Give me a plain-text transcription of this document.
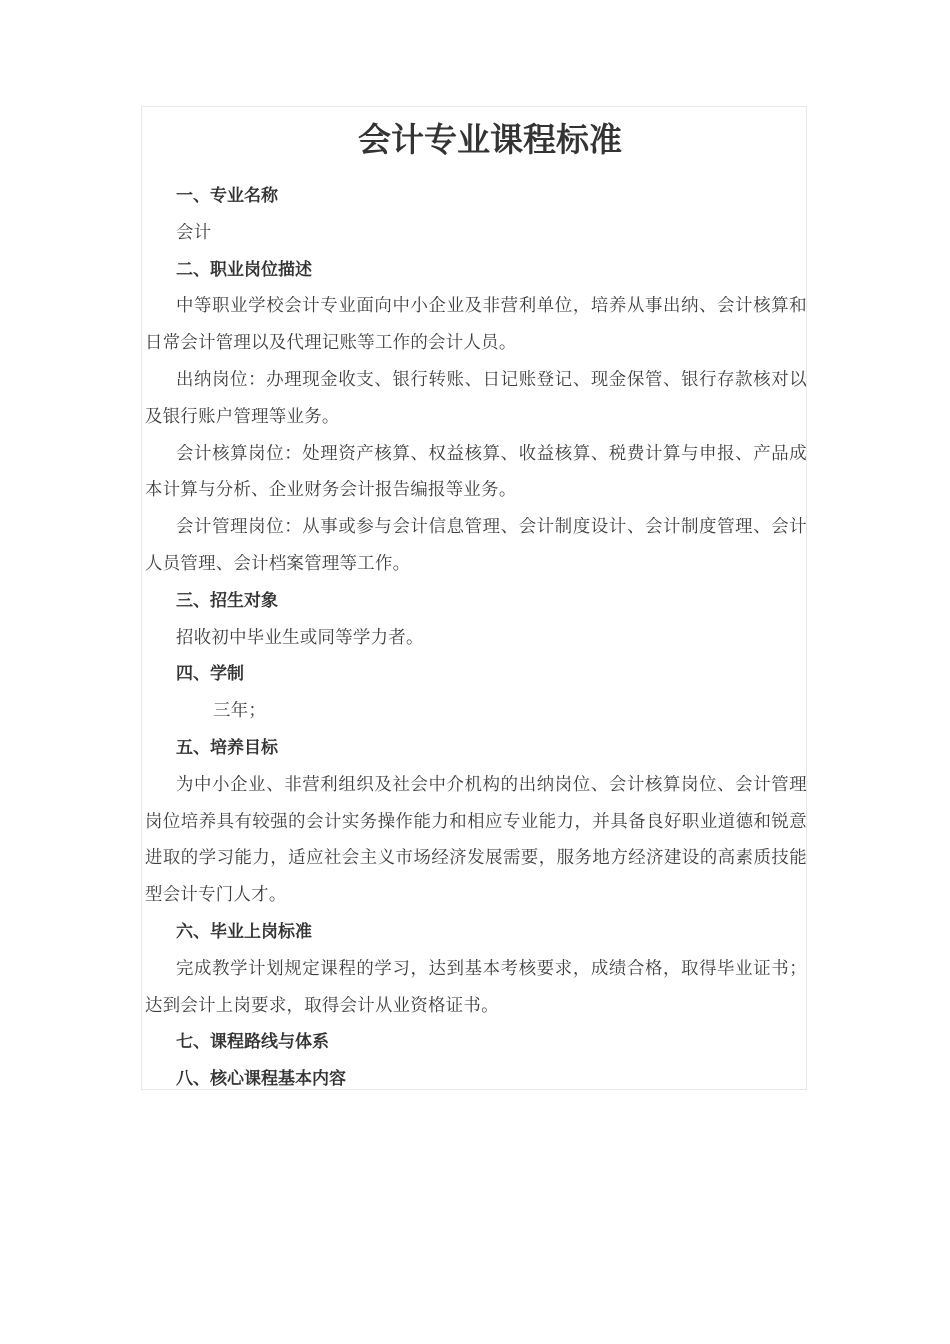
会计专业课程标准

一、专业名称

会计

二、职业岗位描述

中等职业学校会计专业面向中小企业及非营利单位，培养从事出纳、会计核算和日常会计管理以及代理记账等工作的会计人员。

出纳岗位：办理现金收支、银行转账、日记账登记、现金保管、银行存款核对以及银行账户管理等业务。

会计核算岗位：处理资产核算、权益核算、收益核算、税费计算与申报、产品成本计算与分析、企业财务会计报告编报等业务。

会计管理岗位：从事或参与会计信息管理、会计制度设计、会计制度管理、会计人员管理、会计档案管理等工作。

三、招生对象

招收初中毕业生或同等学力者。

四、学制

三年；

五、培养目标

为中小企业、非营利组织及社会中介机构的出纳岗位、会计核算岗位、会计管理岗位培养具有较强的会计实务操作能力和相应专业能力，并具备良好职业道德和锐意进取的学习能力，适应社会主义市场经济发展需要，服务地方经济建设的高素质技能型会计专门人才。

六、毕业上岗标准

完成教学计划规定课程的学习，达到基本考核要求，成绩合格，取得毕业证书；达到会计上岗要求，取得会计从业资格证书。

七、课程路线与体系

八、核心课程基本内容
